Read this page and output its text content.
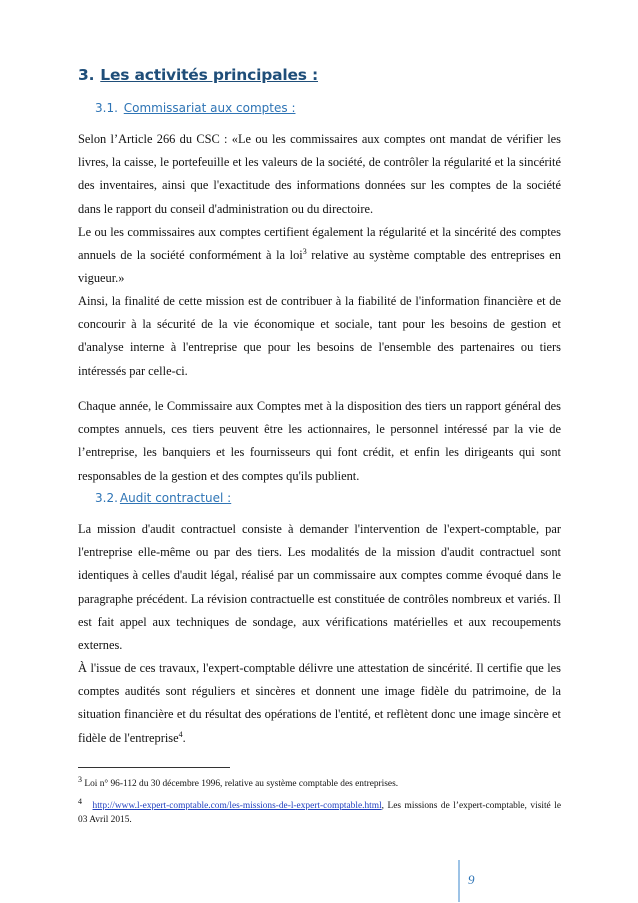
3. Les activités principales :
3.1. Commissariat aux comptes :

Selon l’Article 266 du CSC : «Le ou les commissaires aux comptes ont mandat de vérifier les livres, la caisse, le portefeuille et les valeurs de la société, de contrôler la régularité et la sincérité des inventaires, ainsi que l'exactitude des informations données sur les comptes de la société dans le rapport du conseil d'administration ou du directoire.

Le ou les commissaires aux comptes certifient également la régularité et la sincérité des comptes annuels de la société conformément à la loi$^3$ relative au système comptable des entreprises en vigueur.»

Ainsi, la finalité de cette mission est de contribuer à la fiabilité de l'information financière et de concourir à la sécurité de la vie économique et sociale, tant pour les besoins de gestion et d'analyse interne à l'entreprise que pour les besoins de l'ensemble des partenaires ou tiers intéressés par celle-ci.

Chaque année, le Commissaire aux Comptes met à la disposition des tiers un rapport général des comptes annuels, ces tiers peuvent être les actionnaires, le personnel intéressé par la vie de l’entreprise, les banquiers et les fournisseurs qui font crédit, et enfin les dirigeants qui sont responsables de la gestion et des comptes qu'ils publient.

3.2. Audit contractuel :

La mission d'audit contractuel consiste à demander l'intervention de l'expert-comptable, par l'entreprise elle-même ou par des tiers. Les modalités de la mission d'audit contractuel sont identiques à celles d'audit légal, réalisé par un commissaire aux comptes comme évoqué dans le paragraphe précédent. La révision contractuelle est constituée de contrôles nombreux et variés. Il est fait appel aux techniques de sondage, aux vérifications matérielles et aux recoupements externes.

À l'issue de ces travaux, l'expert-comptable délivre une attestation de sincérité. Il certifie que les comptes audités sont réguliers et sincères et donnent une image fidèle du patrimoine, de la situation financière et du résultat des opérations de l'entité, et reflètent donc une image sincère et fidèle de l'entreprise$^4$.

$^3$ Loi n° 96-112 du 30 décembre 1996, relative au système comptable des entreprises.

$^4$ http://www.l-expert-comptable.com/les-missions-de-l-expert-comptable.html, Les missions de l’expert-comptable, visité le 03 Avril 2015.

9
